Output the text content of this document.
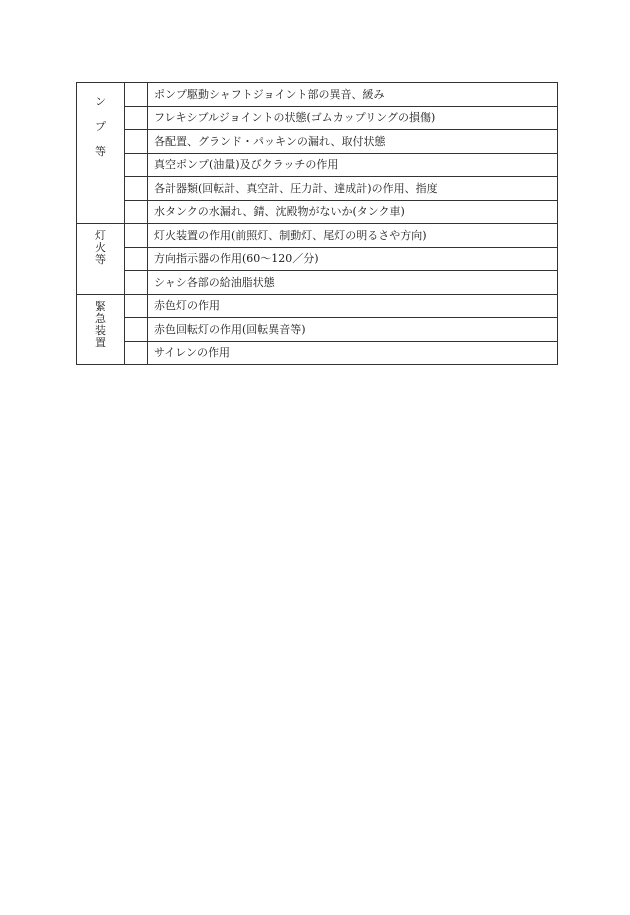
ンプ等		ポンプ駆動シャフトジョイント部の異音、緩み
		フレキシブルジョイントの状態(ゴムカップリングの損傷)
		各配置、グランド・パッキンの漏れ、取付状態
		真空ポンプ(油量)及びクラッチの作用
		各計器類(回転計、真空計、圧力計、達成計)の作用、指度
		水タンクの水漏れ、錆、沈殿物がないか(タンク車)
灯火等		灯火装置の作用(前照灯、制動灯、尾灯の明るさや方向)
		方向指示器の作用(60〜120／分)
		シャシ各部の給油脂状態
緊急装置		赤色灯の作用
		赤色回転灯の作用(回転異音等)
		サイレンの作用
